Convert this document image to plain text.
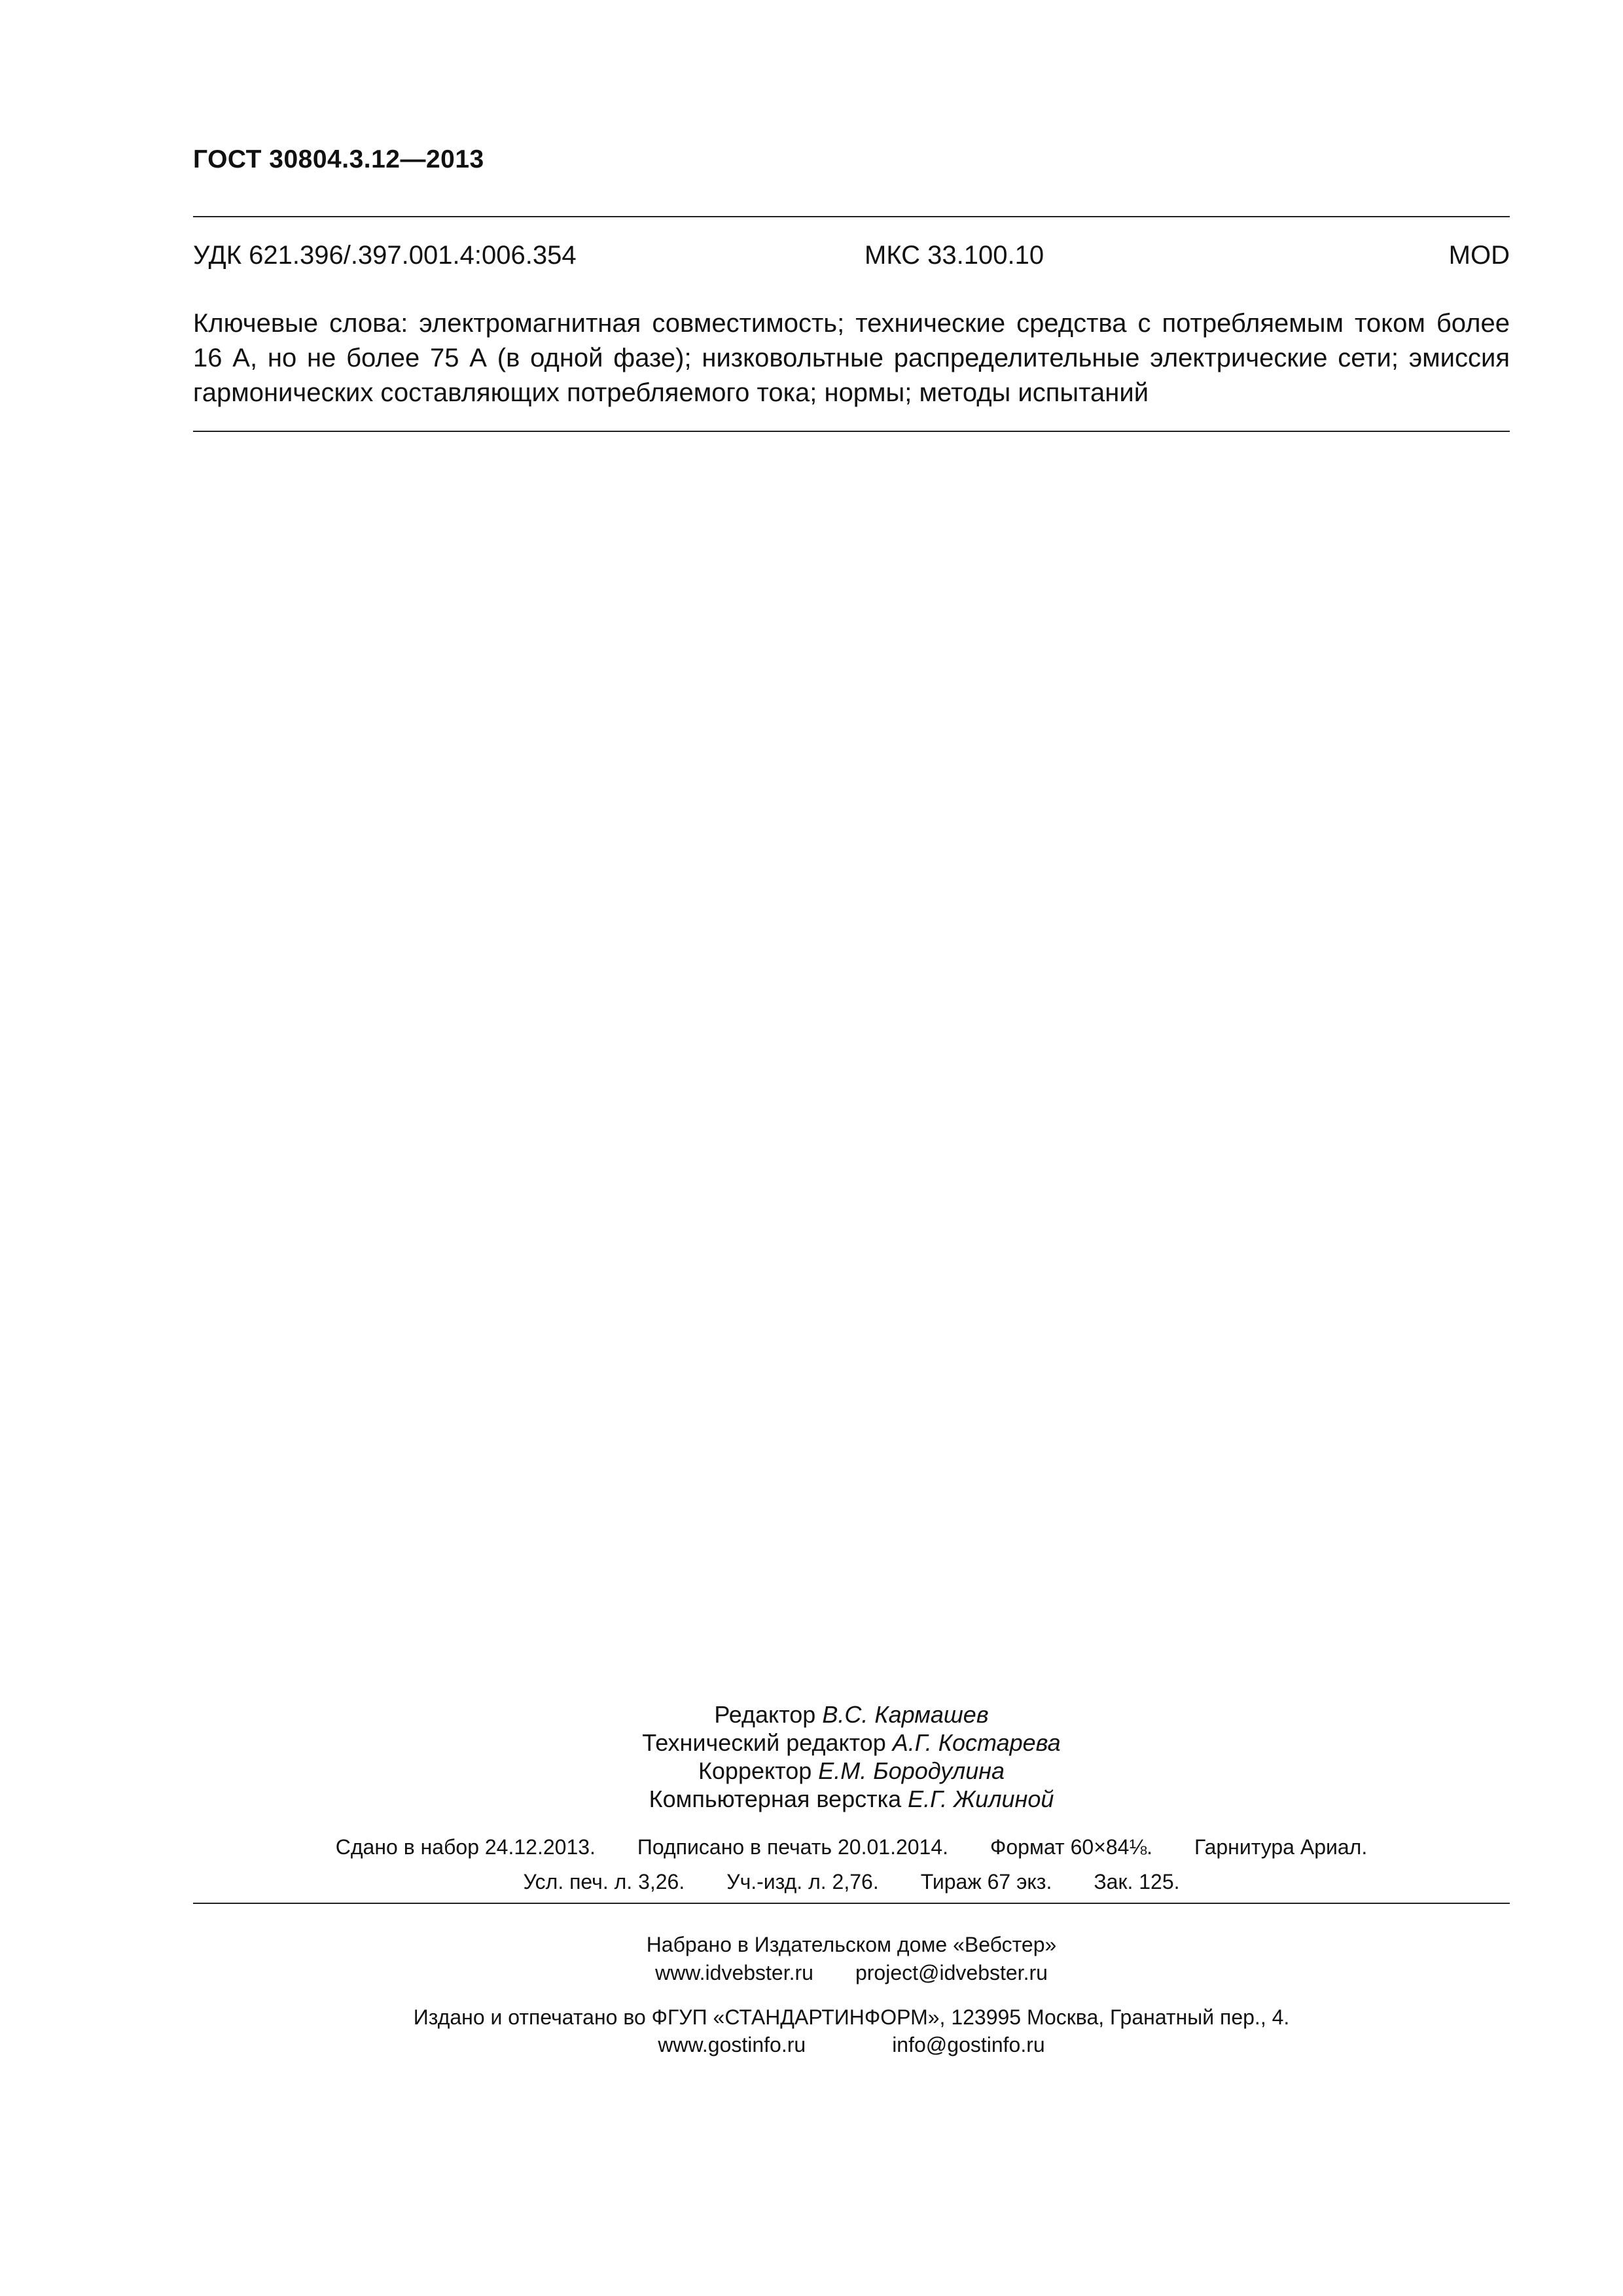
ГОСТ 30804.3.12—2013
УДК 621.396/.397.001.4:006.354	МКС 33.100.10	MOD
Ключевые слова: электромагнитная совместимость; технические средства с потребляемым током более 16 А, но не более 75 А (в одной фазе); низковольтные распределительные электрические сети; эмиссия гармонических составляющих потребляемого тока; нормы; методы испытаний
Редактор В.С. Кармашев
Технический редактор А.Г. Костарева
Корректор Е.М. Бородулина
Компьютерная верстка Е.Г. Жилиной
Сдано в набор 24.12.2013. Подписано в печать 20.01.2014. Формат 60×84⅛. Гарнитура Ариал.
Усл. печ. л. 3,26. Уч.-изд. л. 2,76. Тираж 67 экз. Зак. 125.
Набрано в Издательском доме «Вебстер»
www.idvebster.ru project@idvebster.ru
Издано и отпечатано во ФГУП «СТАНДАРТИНФОРМ», 123995 Москва, Гранатный пер., 4.
www.gostinfo.ru	info@gostinfo.ru
